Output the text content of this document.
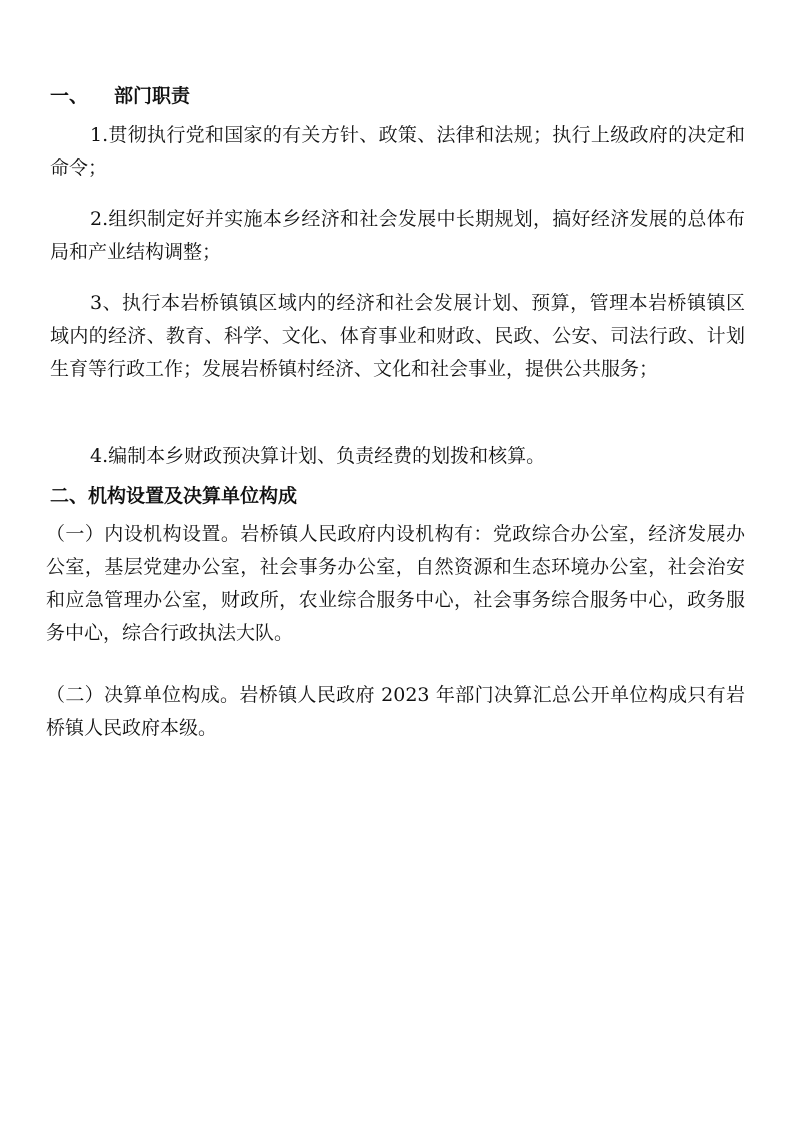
一、 部门职责

1.贯彻执行党和国家的有关方针、政策、法律和法规；执行上级政府的决定和命令；

2.组织制定好并实施本乡经济和社会发展中长期规划，搞好经济发展的总体布局和产业结构调整；

3、执行本岩桥镇镇区域内的经济和社会发展计划、预算，管理本岩桥镇镇区域内的经济、教育、科学、文化、体育事业和财政、民政、公安、司法行政、计划生育等行政工作；发展岩桥镇村经济、文化和社会事业，提供公共服务；

4.编制本乡财政预决算计划、负责经费的划拨和核算。

二、机构设置及决算单位构成

（一）内设机构设置。岩桥镇人民政府内设机构有：党政综合办公室，经济发展办公室，基层党建办公室，社会事务办公室，自然资源和生态环境办公室，社会治安和应急管理办公室，财政所，农业综合服务中心，社会事务综合服务中心，政务服务中心，综合行政执法大队。

（二）决算单位构成。岩桥镇人民政府 2023 年部门决算汇总公开单位构成只有岩桥镇人民政府本级。
